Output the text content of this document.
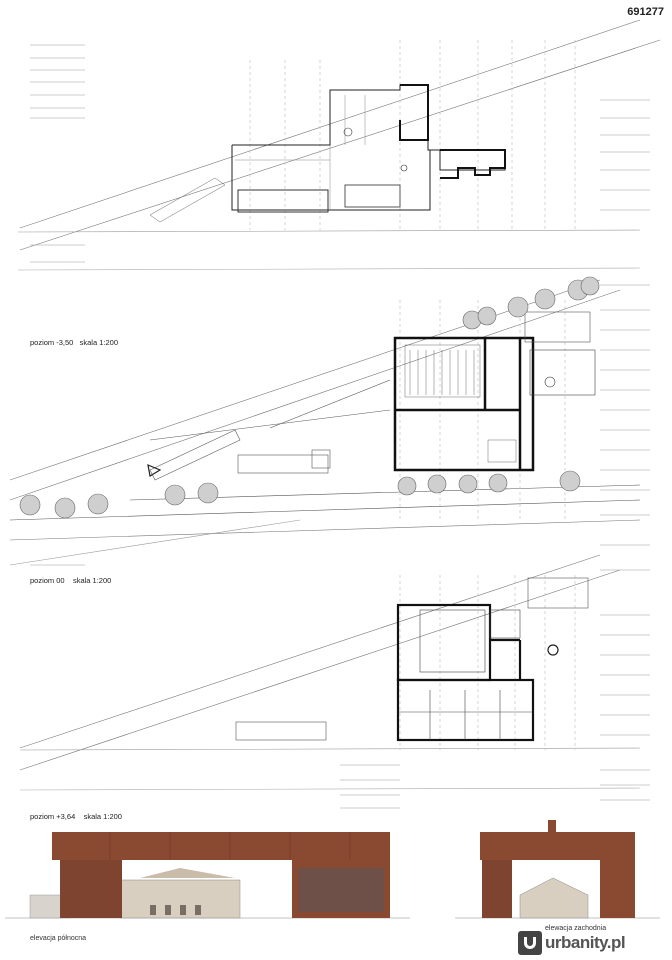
691277
poziom -3,50 skala 1:200
poziom 00 skala 1:200
poziom +3,64 skala 1:200
elevacja północna
elewacja zachodnia
urbanity.pl
